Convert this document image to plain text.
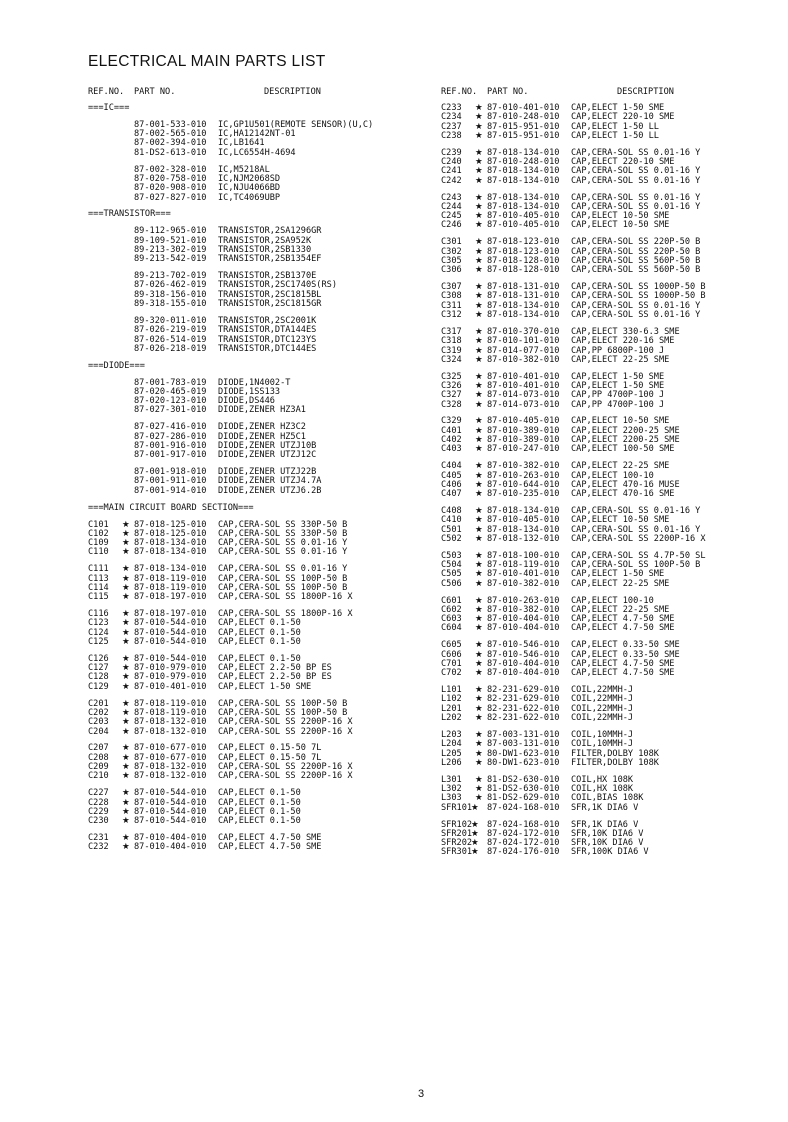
ELECTRICAL MAIN PARTS LIST
REF.NO. PART NO.	DESCRIPTION
===IC===
87-001-533-010 IC,GP1U501(REMOTE SENSOR)(U,C)
87-002-565-010 IC,HA12142NT-01
87-002-394-010 IC,LB1641
81-DS2-613-010 IC,LC6554H-4694
87-002-328-010 IC,M5218AL
87-020-758-010 IC,NJM2068SD
87-020-908-010 IC,NJU4066BD
87-027-827-010 IC,TC4069UBP
===TRANSISTOR===
89-112-965-010 TRANSISTOR,2SA1296GR
89-109-521-010 TRANSISTOR,2SA952K
89-213-302-019 TRANSISTOR,2SB1330
89-213-542-019 TRANSISTOR,2SB1354EF
89-213-702-019 TRANSISTOR,2SB1370E
87-026-462-019 TRANSISTOR,2SC1740S(RS)
89-318-156-010 TRANSISTOR,2SC1815BL
89-318-155-010 TRANSISTOR,2SC1815GR
89-320-011-010 TRANSISTOR,2SC2001K
87-026-219-019 TRANSISTOR,DTA144ES
87-026-514-019 TRANSISTOR,DTC123YS
87-026-218-019 TRANSISTOR,DTC144ES
===DIODE===
87-001-783-019 DIODE,1N4002-T
87-020-465-019 DIODE,1SS133
87-020-123-010 DIODE,DS446
87-027-301-010 DIODE,ZENER HZ3A1
87-027-416-010 DIODE,ZENER HZ3C2
87-027-286-010 DIODE,ZENER HZ5C1
87-001-916-010 DIODE,ZENER UTZJ10B
87-001-917-010 DIODE,ZENER UTZJ12C
87-001-918-010 DIODE,ZENER UTZJ22B
87-001-911-010 DIODE,ZENER UTZJ4.7A
87-001-914-010 DIODE,ZENER UTZJ6.2B
===MAIN CIRCUIT BOARD SECTION===
C101 ★ 87-018-125-010 CAP,CERA-SOL SS 330P-50 B
C102 ★ 87-018-125-010 CAP,CERA-SOL SS 330P-50 B
C109 ★ 87-018-134-010 CAP,CERA-SOL SS 0.01-16 Y
C110 ★ 87-018-134-010 CAP,CERA-SOL SS 0.01-16 Y
C111 ★ 87-018-134-010 CAP,CERA-SOL SS 0.01-16 Y
C113 ★ 87-018-119-010 CAP,CERA-SOL SS 100P-50 B
C114 ★ 87-018-119-010 CAP,CERA-SOL SS 100P-50 B
C115 ★ 87-018-197-010 CAP,CERA-SOL SS 1800P-16 X
C116 ★ 87-018-197-010 CAP,CERA-SOL SS 1800P-16 X
C123 ★ 87-010-544-010 CAP,ELECT 0.1-50
C124 ★ 87-010-544-010 CAP,ELECT 0.1-50
C125 ★ 87-010-544-010 CAP,ELECT 0.1-50
C126 ★ 87-010-544-010 CAP,ELECT 0.1-50
C127 ★ 87-010-979-010 CAP,ELECT 2.2-50 BP ES
C128 ★ 87-010-979-010 CAP,ELECT 2.2-50 BP ES
C129 ★ 87-010-401-010 CAP,ELECT 1-50 SME
C201 ★ 87-018-119-010 CAP,CERA-SOL SS 100P-50 B
C202 ★ 87-018-119-010 CAP,CERA-SOL SS 100P-50 B
C203 ★ 87-018-132-010 CAP,CERA-SOL SS 2200P-16 X
C204 ★ 87-018-132-010 CAP,CERA-SOL SS 2200P-16 X
C207 ★ 87-010-677-010 CAP,ELECT 0.15-50 7L
C208 ★ 87-010-677-010 CAP,ELECT 0.15-50 7L
C209 ★ 87-018-132-010 CAP,CERA-SOL SS 2200P-16 X
C210 ★ 87-018-132-010 CAP,CERA-SOL SS 2200P-16 X
C227 ★ 87-010-544-010 CAP,ELECT 0.1-50
C228 ★ 87-010-544-010 CAP,ELECT 0.1-50
C229 ★ 87-010-544-010 CAP,ELECT 0.1-50
C230 ★ 87-010-544-010 CAP,ELECT 0.1-50
C231 ★ 87-010-404-010 CAP,ELECT 4.7-50 SME
C232 ★ 87-010-404-010 CAP,ELECT 4.7-50 SME
REF.NO. PART NO.	DESCRIPTION
C233 ★ 87-010-401-010 CAP,ELECT 1-50 SME
C234 ★ 87-010-248-010 CAP,ELECT 220-10 SME
C237 ★ 87-015-951-010 CAP,ELECT 1-50 LL
C238 ★ 87-015-951-010 CAP,ELECT 1-50 LL
C239 ★ 87-018-134-010 CAP,CERA-SOL SS 0.01-16 Y
C240 ★ 87-010-248-010 CAP,ELECT 220-10 SME
C241 ★ 87-018-134-010 CAP,CERA-SOL SS 0.01-16 Y
C242 ★ 87-018-134-010 CAP,CERA-SOL SS 0.01-16 Y
C243 ★ 87-018-134-010 CAP,CERA-SOL SS 0.01-16 Y
C244 ★ 87-018-134-010 CAP,CERA-SOL SS 0.01-16 Y
C245 ★ 87-010-405-010 CAP,ELECT 10-50 SME
C246 ★ 87-010-405-010 CAP,ELECT 10-50 SME
C301 ★ 87-018-123-010 CAP,CERA-SOL SS 220P-50 B
C302 ★ 87-018-123-010 CAP,CERA-SOL SS 220P-50 B
C305 ★ 87-018-128-010 CAP,CERA-SOL SS 560P-50 B
C306 ★ 87-018-128-010 CAP,CERA-SOL SS 560P-50 B
C307 ★ 87-018-131-010 CAP,CERA-SOL SS 1000P-50 B
C308 ★ 87-018-131-010 CAP,CERA-SOL SS 1000P-50 B
C311 ★ 87-018-134-010 CAP,CERA-SOL SS 0.01-16 Y
C312 ★ 87-018-134-010 CAP,CERA-SOL SS 0.01-16 Y
C317 ★ 87-010-370-010 CAP,ELECT 330-6.3 SME
C318 ★ 87-010-101-010 CAP,ELECT 220-16 SME
C319 ★ 87-014-077-010 CAP,PP 6800P-100 J
C324 ★ 87-010-382-010 CAP,ELECT 22-25 SME
C325 ★ 87-010-401-010 CAP,ELECT 1-50 SME
C326 ★ 87-010-401-010 CAP,ELECT 1-50 SME
C327 ★ 87-014-073-010 CAP,PP 4700P-100 J
C328 ★ 87-014-073-010 CAP,PP 4700P-100 J
C329 ★ 87-010-405-010 CAP,ELECT 10-50 SME
C401 ★ 87-010-389-010 CAP,ELECT 2200-25 SME
C402 ★ 87-010-389-010 CAP,ELECT 2200-25 SME
C403 ★ 87-010-247-010 CAP,ELECT 100-50 SME
C404 ★ 87-010-382-010 CAP,ELECT 22-25 SME
C405 ★ 87-010-263-010 CAP,ELECT 100-10
C406 ★ 87-010-644-010 CAP,ELECT 470-16 MUSE
C407 ★ 87-010-235-010 CAP,ELECT 470-16 SME
C408 ★ 87-018-134-010 CAP,CERA-SOL SS 0.01-16 Y
C410 ★ 87-010-405-010 CAP,ELECT 10-50 SME
C501 ★ 87-018-134-010 CAP,CERA-SOL SS 0.01-16 Y
C502 ★ 87-018-132-010 CAP,CERA-SOL SS 2200P-16 X
C503 ★ 87-018-100-010 CAP,CERA-SOL SS 4.7P-50 SL
C504 ★ 87-018-119-010 CAP,CERA-SOL SS 100P-50 B
C505 ★ 87-010-401-010 CAP,ELECT 1-50 SME
C506 ★ 87-010-382-010 CAP,ELECT 22-25 SME
C601 ★ 87-010-263-010 CAP,ELECT 100-10
C602 ★ 87-010-382-010 CAP,ELECT 22-25 SME
C603 ★ 87-010-404-010 CAP,ELECT 4.7-50 SME
C604 ★ 87-010-404-010 CAP,ELECT 4.7-50 SME
C605 ★ 87-010-546-010 CAP,ELECT 0.33-50 SME
C606 ★ 87-010-546-010 CAP,ELECT 0.33-50 SME
C701 ★ 87-010-404-010 CAP,ELECT 4.7-50 SME
C702 ★ 87-010-404-010 CAP,ELECT 4.7-50 SME
L101 ★ 82-231-629-010 COIL,22MMH-J
L102 ★ 82-231-629-010 COIL,22MMH-J
L201 ★ 82-231-622-010 COIL,22MMH-J
L202 ★ 82-231-622-010 COIL,22MMH-J
L203 ★ 87-003-131-010 COIL,10MMH-J
L204 ★ 87-003-131-010 COIL,10MMH-J
L205 ★ 80-DW1-623-010 FILTER,DOLBY 108K
L206 ★ 80-DW1-623-010 FILTER,DOLBY 108K
L301 ★ 81-DS2-630-010 COIL,HX 108K
L302 ★ 81-DS2-630-010 COIL,HX 108K
L303 ★ 81-DS2-629-010 COIL,BIAS 108K
SFR101
★ 87-024-168-010 SFR,1K DIA6 V
SFR102
★ 87-024-168-010 SFR,1K DIA6 V
SFR201
★ 87-024-172-010 SFR,10K DIA6 V
SFR202
★ 87-024-172-010 SFR,10K DIA6 V
SFR301
★ 87-024-176-010 SFR,100K DIA6 V
3
